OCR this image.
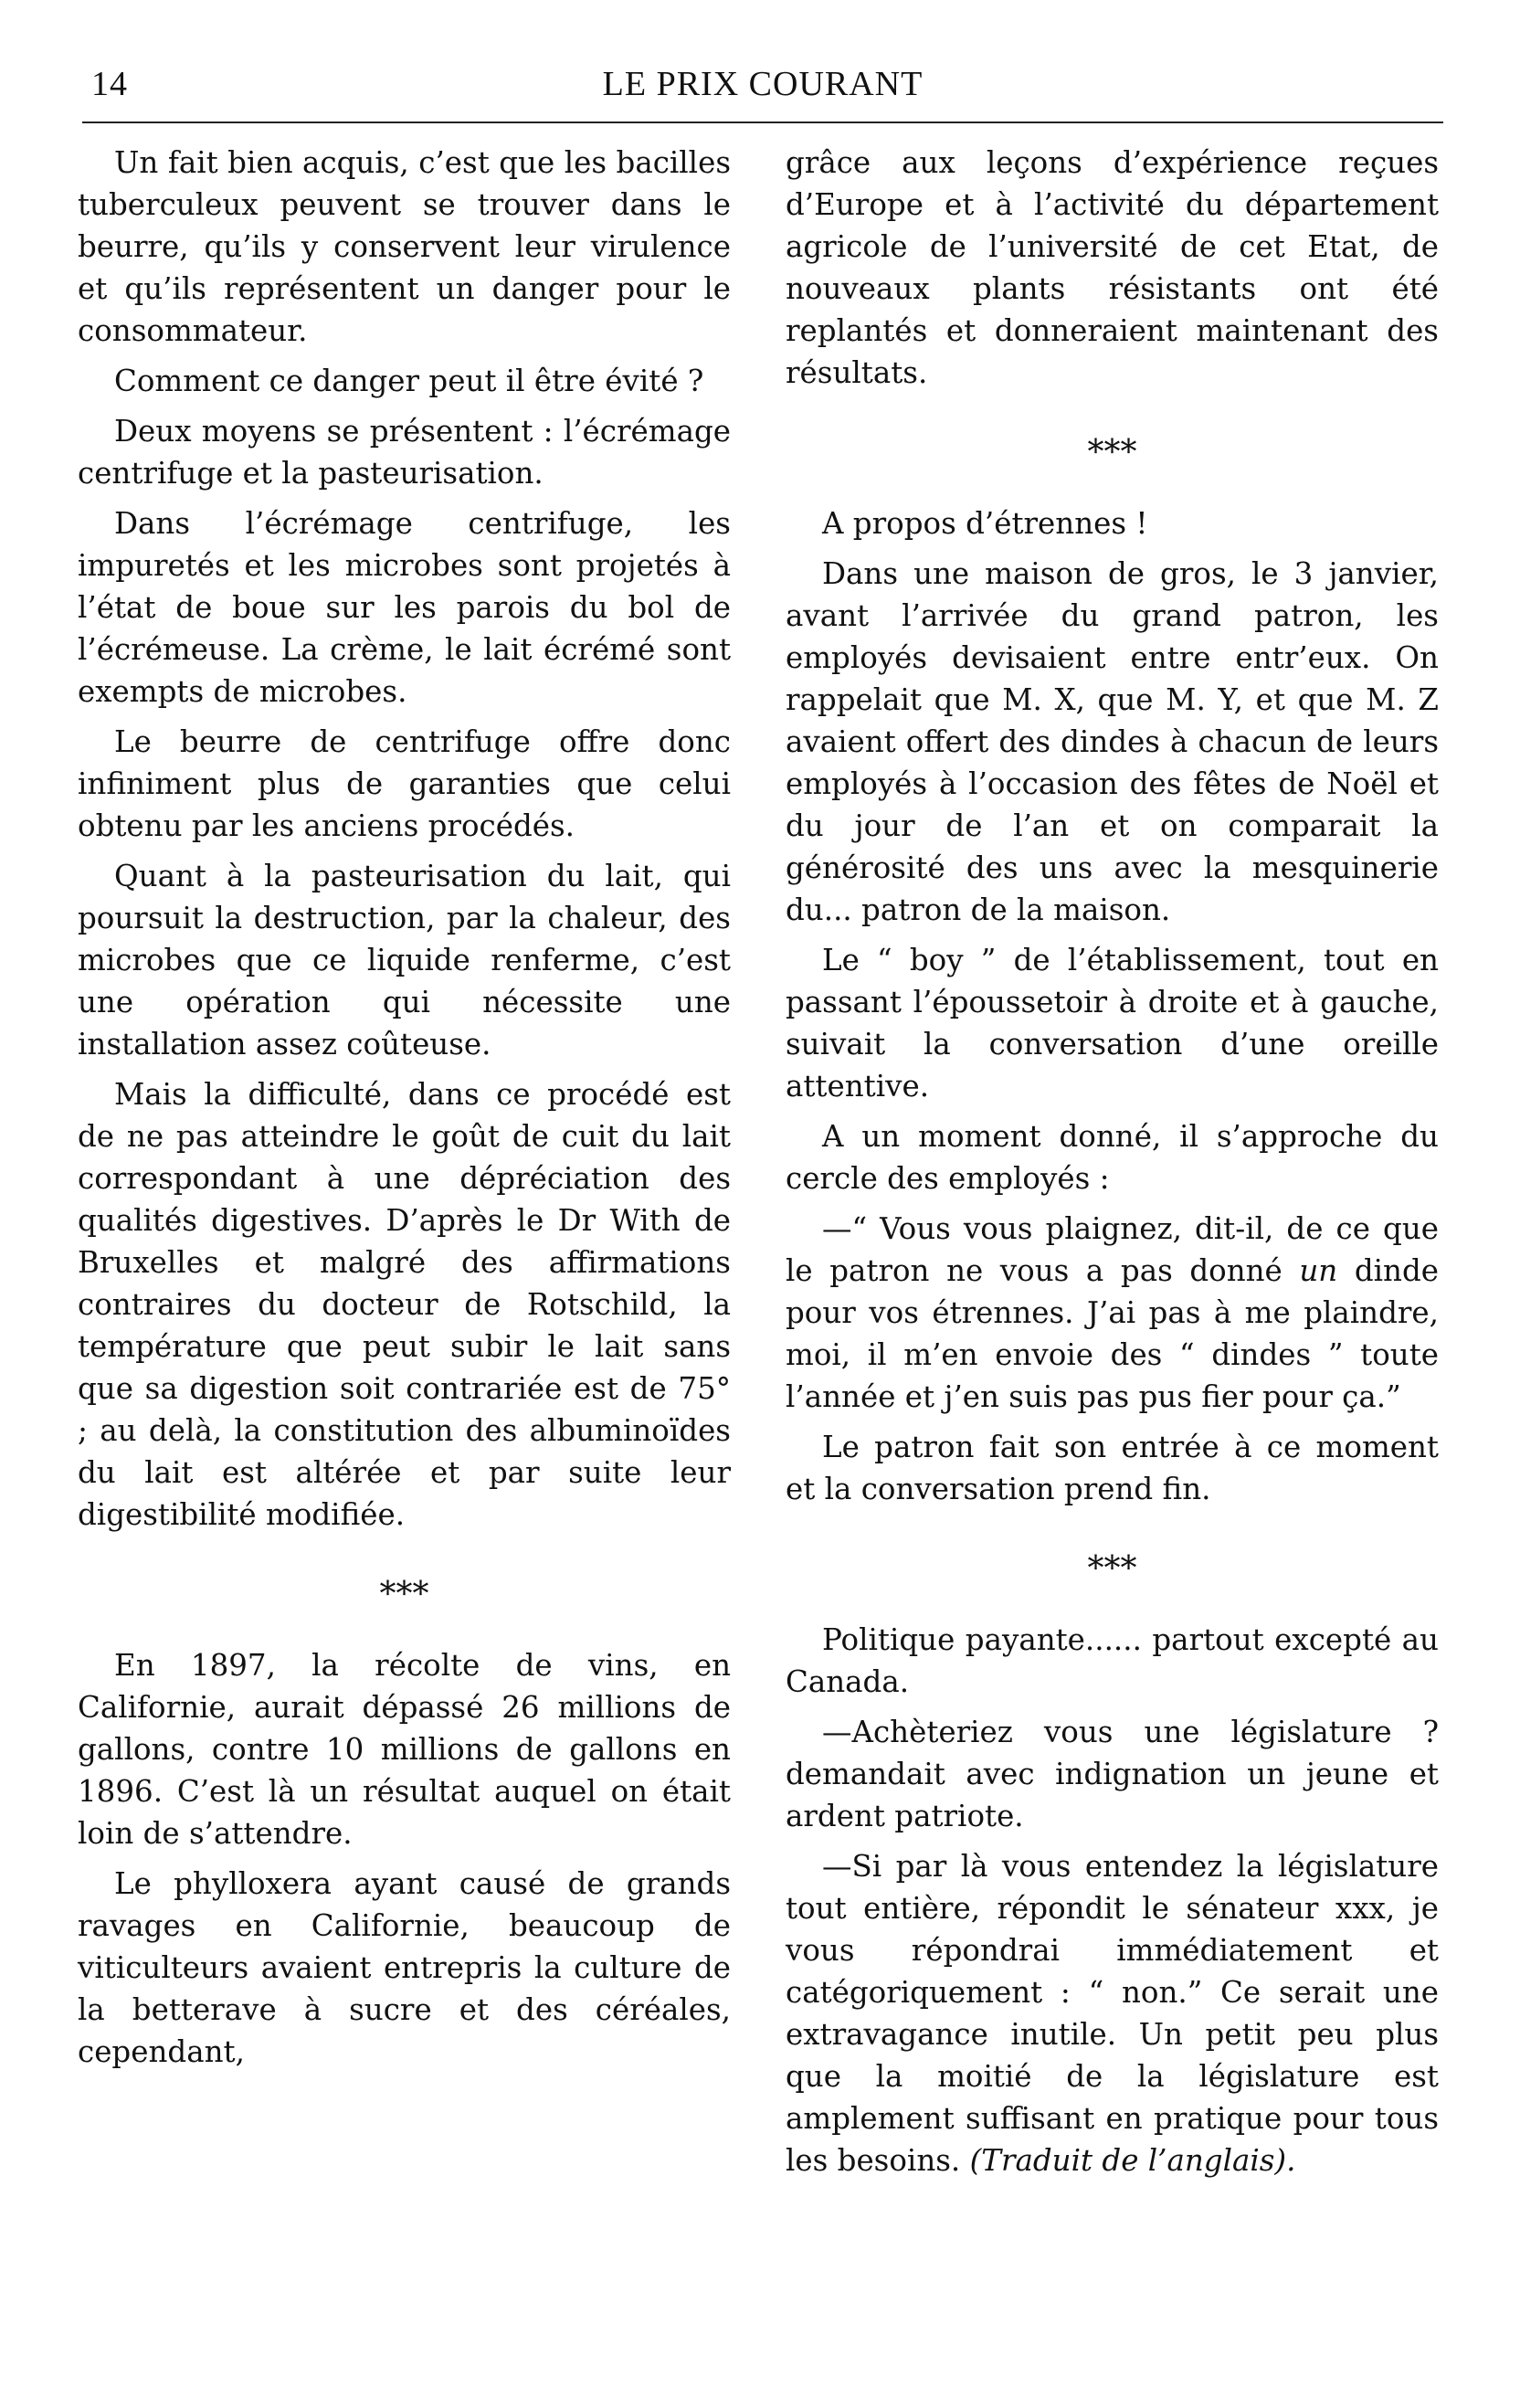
14	LE PRIX COURANT

Un fait bien acquis, c’est que les bacilles tuberculeux peuvent se trouver dans le beurre, qu’ils y conservent leur virulence et qu’ils représentent un danger pour le consommateur.

Comment ce danger peut il être évité ?

Deux moyens se présentent : l’écrémage centrifuge et la pasteurisation.

Dans l’écrémage centrifuge, les impuretés et les microbes sont projetés à l’état de boue sur les parois du bol de l’écrémeuse. La crème, le lait écrémé sont exempts de microbes.

Le beurre de centrifuge offre donc infiniment plus de garanties que celui obtenu par les anciens procédés.

Quant à la pasteurisation du lait, qui poursuit la destruction, par la chaleur, des microbes que ce liquide renferme, c’est une opération qui nécessite une installation assez coûteuse.

Mais la difficulté, dans ce procédé est de ne pas atteindre le goût de cuit du lait correspondant à une dépréciation des qualités digestives. D’après le Dr With de Bruxelles et malgré des affirmations contraires du docteur de Rotschild, la température que peut subir le lait sans que sa digestion soit contrariée est de 75° ; au delà, la constitution des albuminoïdes du lait est altérée et par suite leur digestibilité modifiée.

***

En 1897, la récolte de vins, en Californie, aurait dépassé 26 millions de gallons, contre 10 millions de gallons en 1896. C’est là un résultat auquel on était loin de s’attendre.

Le phylloxera ayant causé de grands ravages en Californie, beaucoup de viticulteurs avaient entrepris la culture de la betterave à sucre et des céréales, cependant,

grâce aux leçons d’expérience reçues d’Europe et à l’activité du département agricole de l’université de cet Etat, de nouveaux plants résistants ont été replantés et donneraient maintenant des résultats.

***

A propos d’étrennes !

Dans une maison de gros, le 3 janvier, avant l’arrivée du grand patron, les employés devisaient entre entr’eux. On rappelait que M. X, que M. Y, et que M. Z avaient offert des dindes à chacun de leurs employés à l’occasion des fêtes de Noël et du jour de l’an et on comparait la générosité des uns avec la mesquinerie du... patron de la maison.

Le “ boy ” de l’établissement, tout en passant l’époussetoir à droite et à gauche, suivait la conversation d’une oreille attentive.

A un moment donné, il s’approche du cercle des employés :

—“ Vous vous plaignez, dit-il, de ce que le patron ne vous a pas donné un dinde pour vos étrennes. J’ai pas à me plaindre, moi, il m’en envoie des “ dindes ” toute l’année et j’en suis pas pus fier pour ça.”

Le patron fait son entrée à ce moment et la conversation prend fin.

***

Politique payante...... partout excepté au Canada.

—Achèteriez vous une législature ? demandait avec indignation un jeune et ardent patriote.

—Si par là vous entendez la législature tout entière, répondit le sénateur xxx, je vous répondrai immédiatement et catégoriquement : “ non.” Ce serait une extravagance inutile. Un petit peu plus que la moitié de la législature est amplement suffisant en pratique pour tous les besoins. (Traduit de l’anglais).
